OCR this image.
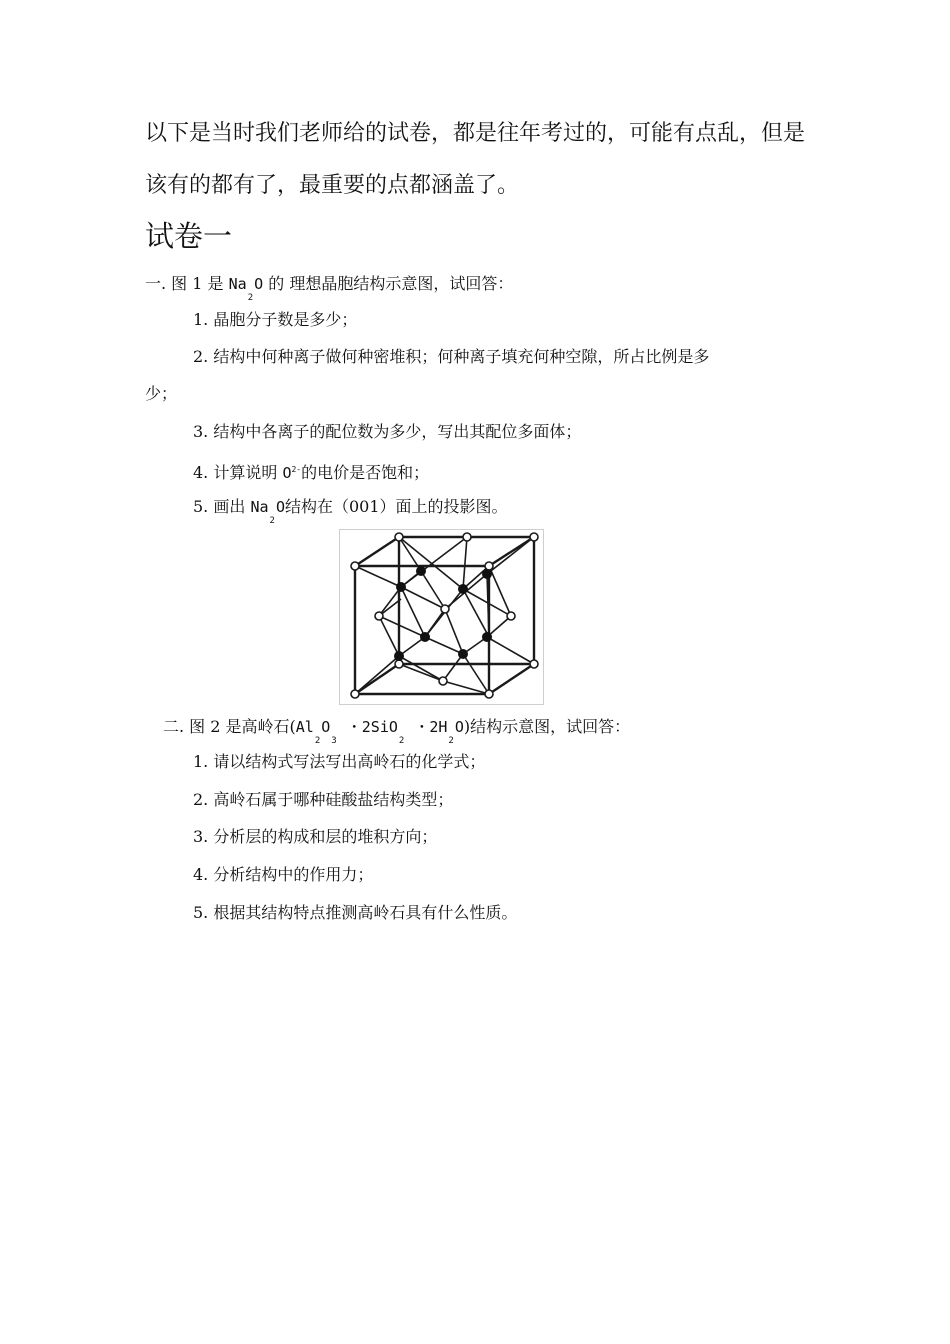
以下是当时我们老师给的试卷，都是往年考过的，可能有点乱，但是

该有的都有了，最重要的点都涵盖了。

试卷一
一. 图 1 是 $Na_2O$ 的 理想晶胞结构示意图，试回答：
1. 晶胞分子数是多少；
2. 结构中何种离子做何种密堆积；何种离子填充何种空隙，所占比例是多
少；
3. 结构中各离子的配位数为多少，写出其配位多面体；
4. 计算说明 $O^{2-}$的电价是否饱和；
5. 画出 $Na_2O$结构在（001）面上的投影图。
二. 图 2 是高岭石($Al_2O_3$ ・2SiO$_2$ ・$2H_2O$)结构示意图，试回答：
1. 请以结构式写法写出高岭石的化学式；
2. 高岭石属于哪种硅酸盐结构类型；
3. 分析层的构成和层的堆积方向；
4. 分析结构中的作用力；
5. 根据其结构特点推测高岭石具有什么性质。
